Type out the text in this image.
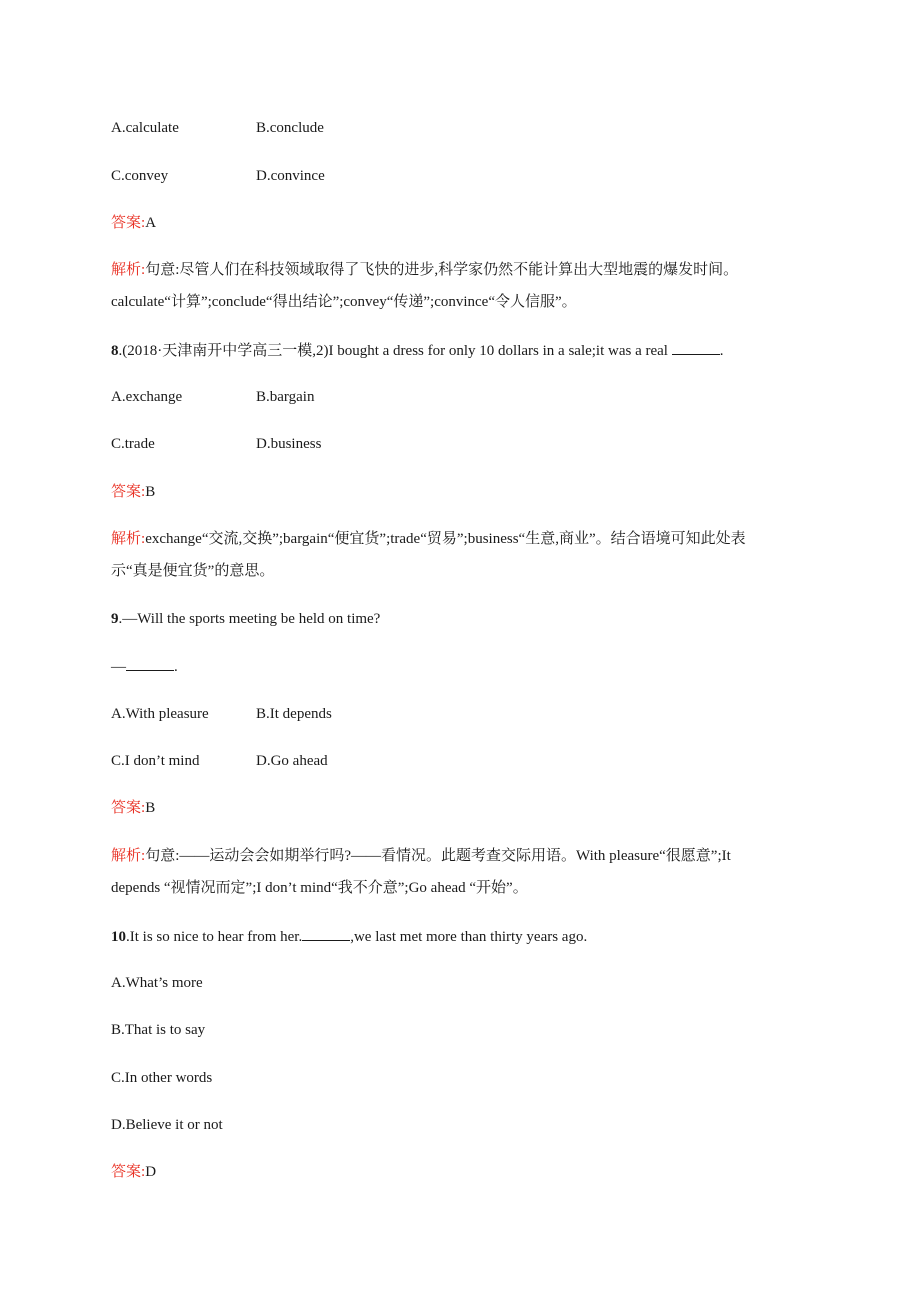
A.calculate	B.conclude
C.convey	D.convince
答案:A
解析:句意:尽管人们在科技领域取得了飞快的进步,科学家仍然不能计算出大型地震的爆发时间。
calculate“计算”;conclude“得出结论”;convey“传递”;convince“令人信服”。
8.(2018·天津南开中学高三一模,2)I bought a dress for only 10 dollars in a sale;it was a real	.
A.exchange	B.bargain
C.trade	D.business
答案:B
解析:exchange“交流,交换”;bargain“便宜货”;trade“贸易”;business“生意,商业”。结合语境可知此处表
示“真是便宜货”的意思。
9.—Will the sports meeting be held on time?
—	.
A.With pleasure	B.It depends
C.I don’t mind	D.Go ahead
答案:B
解析:句意:——运动会会如期举行吗?——看情况。此题考查交际用语。With pleasure“很愿意”;It
depends “视情况而定”;I don’t mind“我不介意”;Go ahead “开始”。
10.It is so nice to hear from her.	,we last met more than thirty years ago.
A.What’s more
B.That is to say
C.In other words
D.Believe it or not
答案:D
